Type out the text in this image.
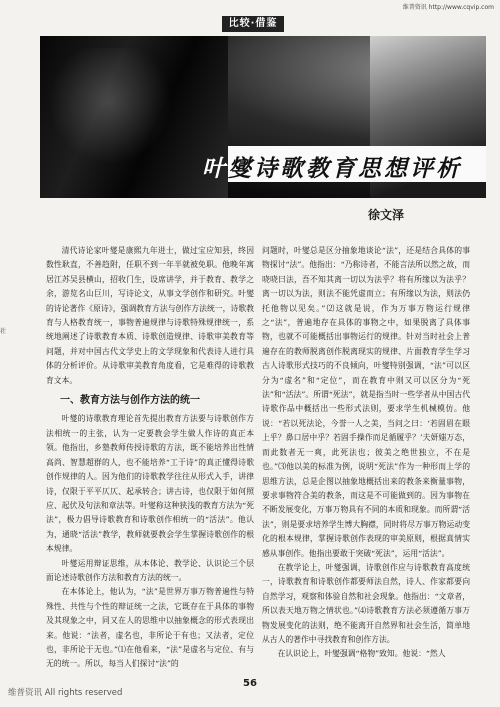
维普资讯 http://www.cqvip.com
比较·借鉴
叶 燮诗歌教育思想评析
徐文泽
社

清代诗论家叶燮是康熙九年进士，做过宝应知县，终因数性耿直，不善趋附，任职不到一年半就被免职。他晚年寓居江苏吴县横山，招收门生，设席讲学，并于教育、教学之余，游览名山巨川，写诗论文，从事文学创作和研究。叶燮的诗论著作《原诗》，强调教育方法与创作方法统一，诗歌教育与人格教育统一，事物普遍规律与诗歌特殊规律统一，系统地阐述了诗歌教育本质、诗歌创造规律、诗歌审美教育等问题，并对中国古代文学史上的文学现象和代表诗人进行具体的分析评价。从诗歌审美教育角度看，它是难得的诗歌教育文本。

一、教育方法与创作方法的统一

叶燮的诗歌教育理论首先提出教育方法要与诗歌创作方法相统一的主张，认为一定要教会学生做人作诗的真正本领。他指出，乡塾教师传授诗歌的方法，既不能培养出性情高尚、智慧超群的人，也不能培养“工于诗”的真正懂得诗歌创作规律的人。因为他们的诗歌教学往往从形式入手，讲律诗，仅限于平平仄仄、起承转合；讲古诗，也仅限于如何照应、起伏及句法和章法等。叶燮称这种狭浅的教育方法为“死法”，极力倡导诗歌教育和诗歌创作相统一的“活法”。他认为，通晓“活法”教学，教师就要教会学生掌握诗歌创作的根本规律。

叶燮运用辩证思维，从本体论、教学论、认识论三个层面论述诗歌创作方法和教育方法的统一。

在本体论上，他认为，“法”是世界万事万物普遍性与特殊性、共性与个性的辩证统一之法，它既存在于具体的事物及其现象之中，同又在人的思维中以抽象概念的形式表现出来。他说：“法者，虚名也，非所论于有也；又法者，定位也，非所论于无也。”⑴在他看来，“法”是虚名与定位、有与无的统一。所以，每当人们探讨“法”的

问题时，叶燮总是区分抽象地谈论“法”，还是结合具体的事物探讨“法”。他指出：“乃称诗者，不能言法所以然之故，而哓哓曰法，吾不知其离一切以为法乎？将有所缘以为法乎？离一切以为法，则法不能凭虚而立；有所缘以为法，则法仍托他物以见矣。”⑵这就是说，作为万事万物运行规律之“法”，普遍地存在具体的事物之中，如果脱离了具体事物，也就不可能概括出事物运行的规律。针对当时社会上普遍存在的教师脱离创作脱离现实的规律、片面教育学生学习古人诗歌形式技巧的不良倾向，叶燮特别强调，“法”可以区分为“虚名”和“定位”，而在教育中则又可以区分为“死法”和“活法”。所谓“死法”，就是指当时一些学者从中国古代诗歌作品中概括出一些形式法则，要求学生机械模仿。他说：“若以死法论，今誉一人之美，当问之曰：‘若固眉在眼上乎？鼻口居中乎？若固手操作而足循履乎？’夫妍媸万态，而此数者无一爽，此死法也；彼美之绝世独立，不在是也。”⑶他以美的标准为例，说明“死法”作为一种形而上学的思维方法，总是企图以抽象地概括出来的教条来衡量事物，要求事物符合美的教条，而这是不可能做到的。因为事物在不断发展变化，万事万物具有不同的本质和现象。而所谓“活法”，则是要求培养学生博大胸襟，同时将尽万事万物运动变化的根本规律，掌握诗歌创作表现的审美原则，根据真情实感从事创作。他指出要敢于突破“死法”，运用“活法”。

在教学论上，叶燮强调，诗歌创作应与诗歌教育高度统一，诗歌教育和诗歌创作都要师法自然，诗人、作家都要向自然学习，观察和体验自然和社会现象。他指出：“文章者，所以表天地万物之情状也。”⑷诗歌教育方法必须遵循万事万物发展变化的法则，绝不能离开自然界和社会生活，简单地从古人的著作中寻找教育和创作方法。

在认识论上，叶燮强调“格物”致知。他说：“然人

56
维普资讯 All rights reserved
